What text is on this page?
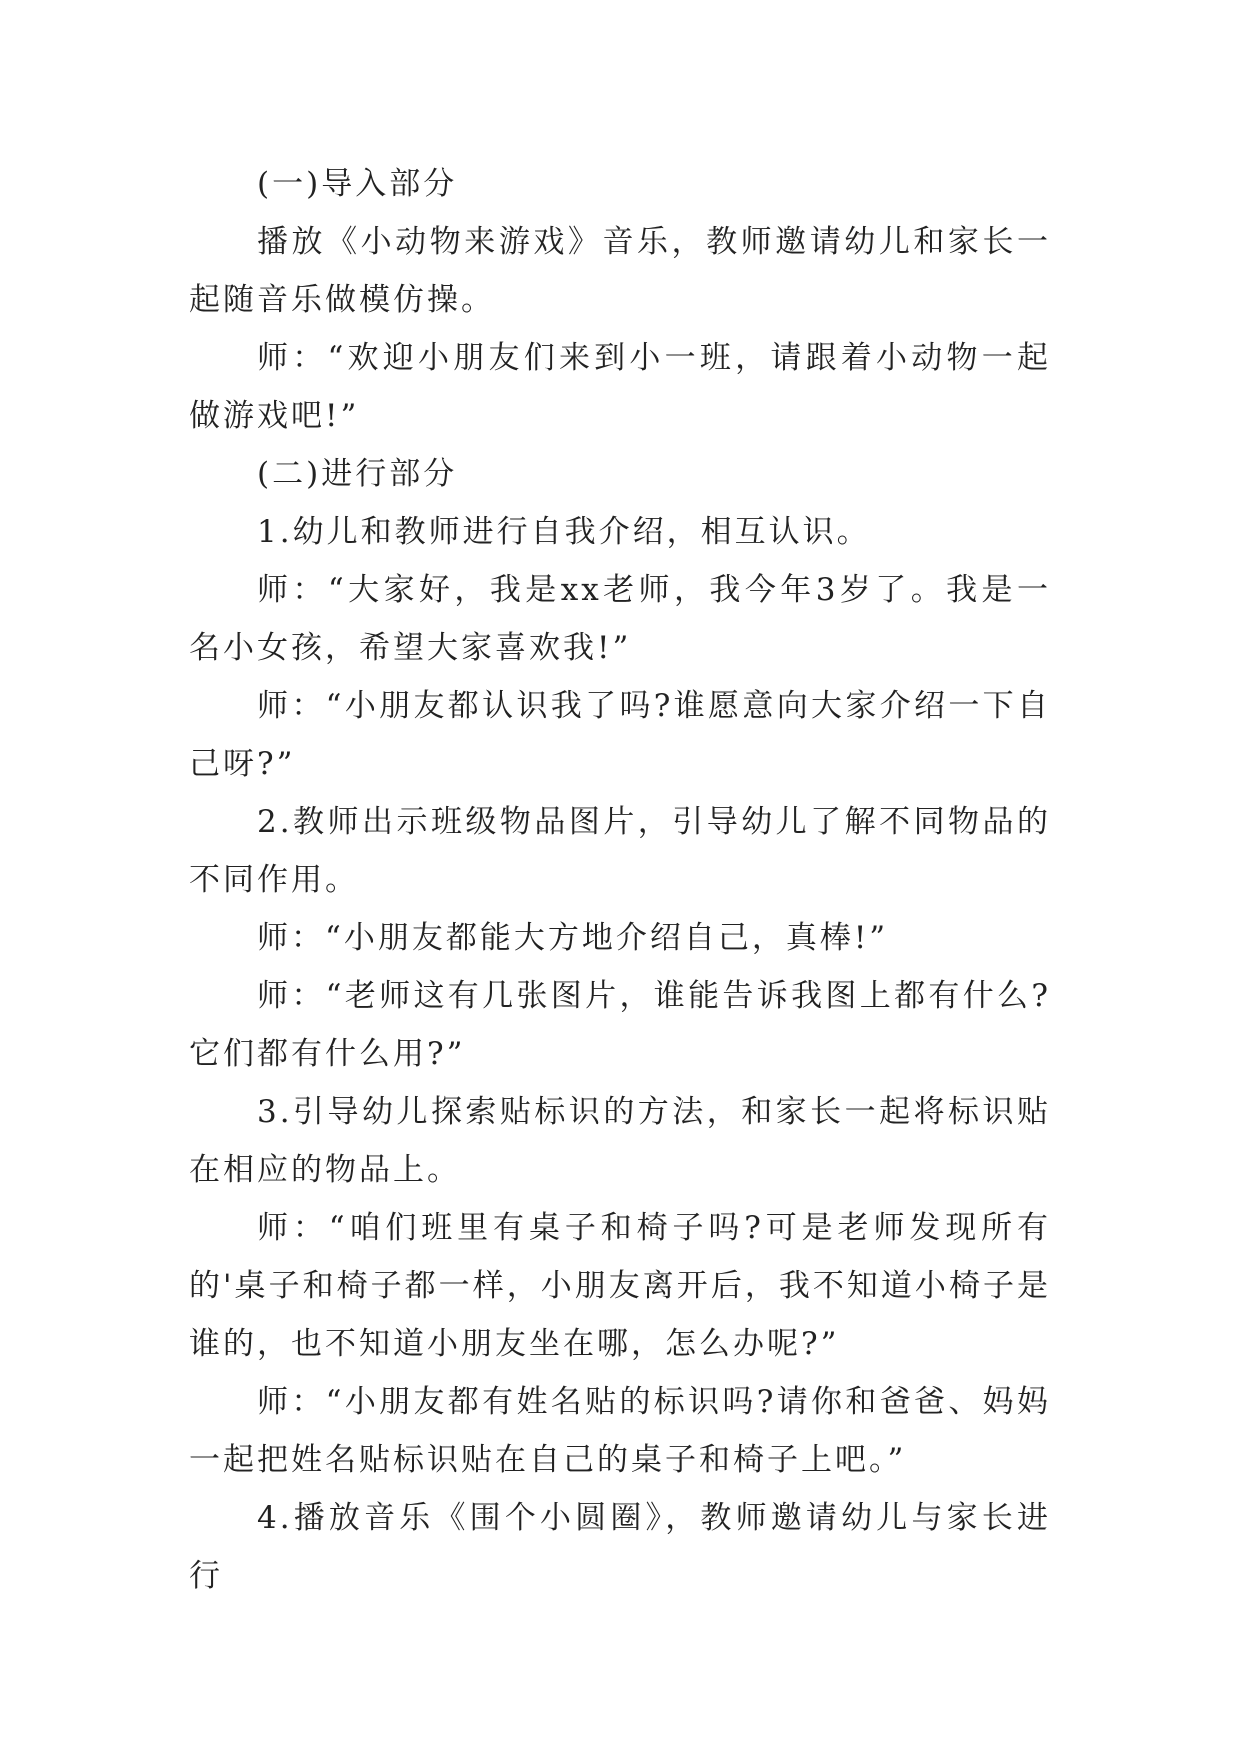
(一)导入部分

播放《小动物来游戏》音乐，教师邀请幼儿和家长一起随音乐做模仿操。

师：“欢迎小朋友们来到小一班，请跟着小动物一起做游戏吧!”

(二)进行部分

1.幼儿和教师进行自我介绍，相互认识。

师：“大家好，我是xx老师，我今年3岁了。我是一名小女孩，希望大家喜欢我!”

师：“小朋友都认识我了吗?谁愿意向大家介绍一下自己呀?”

2.教师出示班级物品图片，引导幼儿了解不同物品的不同作用。

师：“小朋友都能大方地介绍自己，真棒!”

师：“老师这有几张图片，谁能告诉我图上都有什么?它们都有什么用?”

3.引导幼儿探索贴标识的方法，和家长一起将标识贴在相应的物品上。

师：“咱们班里有桌子和椅子吗?可是老师发现所有的'桌子和椅子都一样，小朋友离开后，我不知道小椅子是谁的，也不知道小朋友坐在哪，怎么办呢?”

师：“小朋友都有姓名贴的标识吗?请你和爸爸、妈妈一起把姓名贴标识贴在自己的桌子和椅子上吧。”

4.播放音乐《围个小圆圈》，教师邀请幼儿与家长进行
